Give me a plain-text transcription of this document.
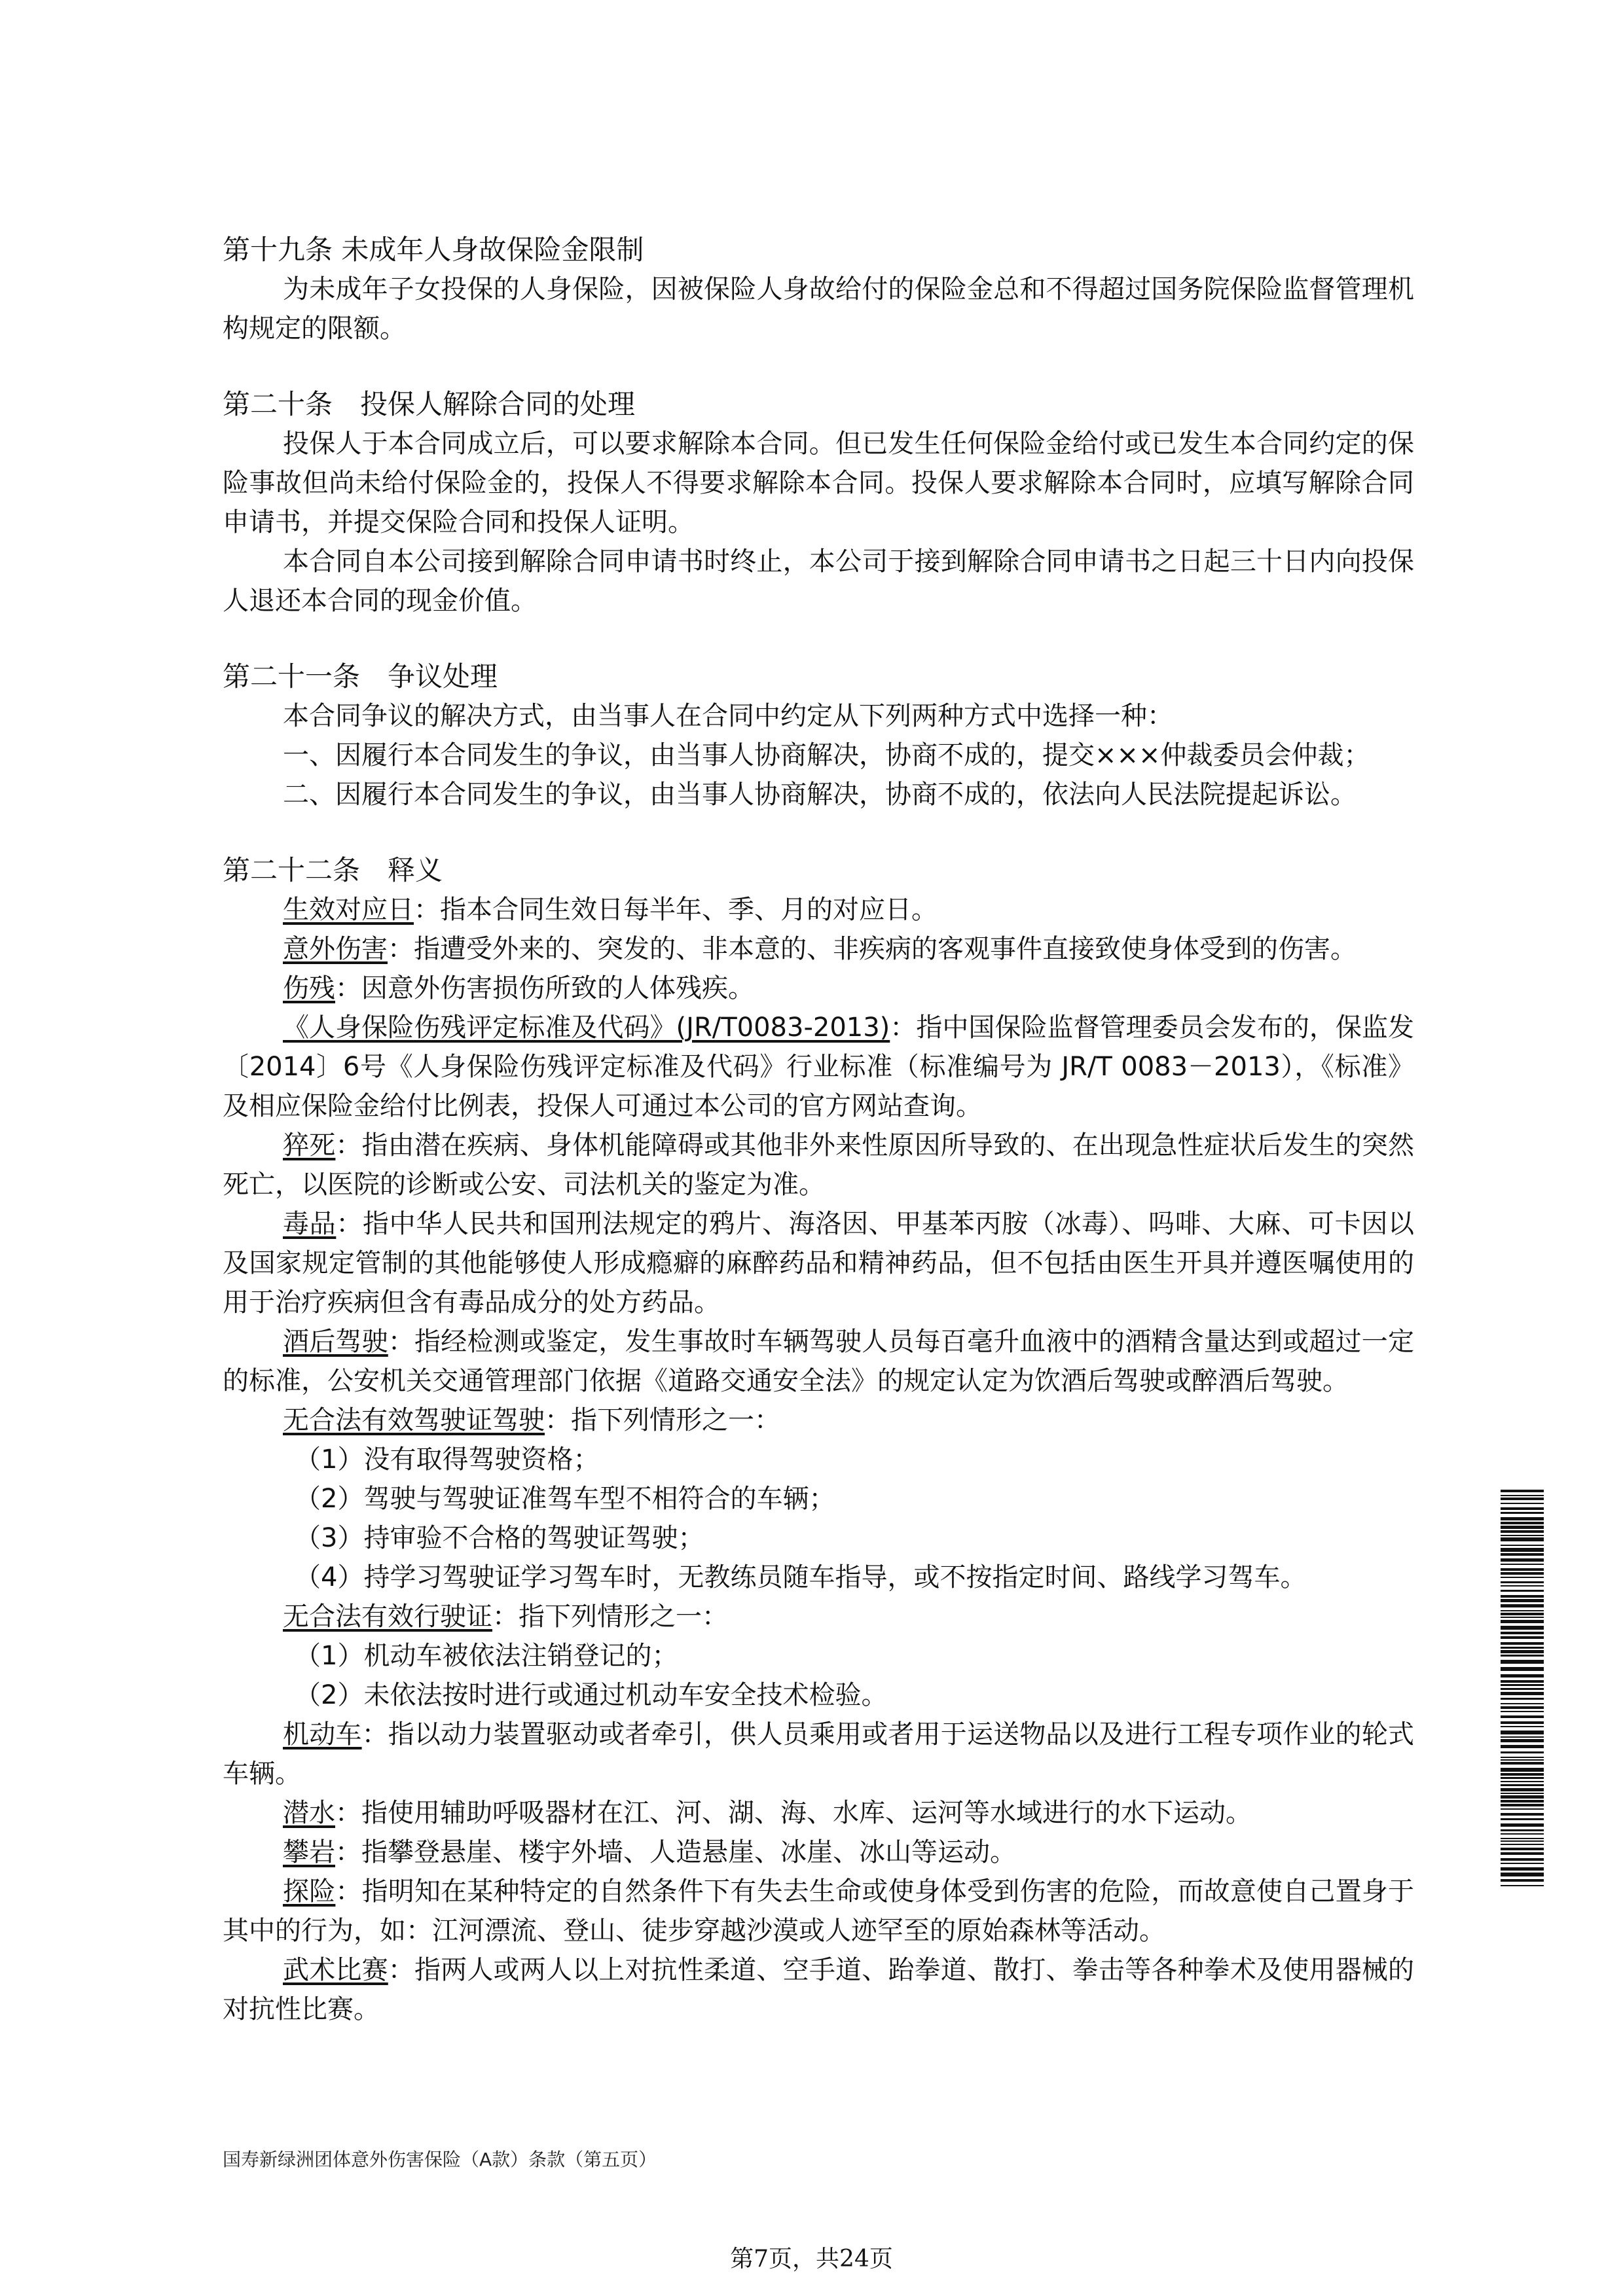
第十九条 未成年人身故保险金限制

为未成年子女投保的人身保险，因被保险人身故给付的保险金总和不得超过国务院保险监督管理机构规定的限额。

第二十条　投保人解除合同的处理

投保人于本合同成立后，可以要求解除本合同。但已发生任何保险金给付或已发生本合同约定的保险事故但尚未给付保险金的，投保人不得要求解除本合同。投保人要求解除本合同时，应填写解除合同申请书，并提交保险合同和投保人证明。

本合同自本公司接到解除合同申请书时终止，本公司于接到解除合同申请书之日起三十日内向投保人退还本合同的现金价值。

第二十一条　争议处理

本合同争议的解决方式，由当事人在合同中约定从下列两种方式中选择一种：

一、因履行本合同发生的争议，由当事人协商解决，协商不成的，提交×××仲裁委员会仲裁；

二、因履行本合同发生的争议，由当事人协商解决，协商不成的，依法向人民法院提起诉讼。

第二十二条　释义

生效对应日：指本合同生效日每半年、季、月的对应日。

意外伤害：指遭受外来的、突发的、非本意的、非疾病的客观事件直接致使身体受到的伤害。

伤残：因意外伤害损伤所致的人体残疾。

《人身保险伤残评定标准及代码》(JR/T0083-2013)：指中国保险监督管理委员会发布的，保监发〔2014〕6号《人身保险伤残评定标准及代码》行业标准（标准编号为 JR/T 0083－2013），《标准》及相应保险金给付比例表，投保人可通过本公司的官方网站查询。

猝死：指由潜在疾病、身体机能障碍或其他非外来性原因所导致的、在出现急性症状后发生的突然死亡，以医院的诊断或公安、司法机关的鉴定为准。

毒品：指中华人民共和国刑法规定的鸦片、海洛因、甲基苯丙胺（冰毒）、吗啡、大麻、可卡因以及国家规定管制的其他能够使人形成瘾癖的麻醉药品和精神药品，但不包括由医生开具并遵医嘱使用的用于治疗疾病但含有毒品成分的处方药品。

酒后驾驶：指经检测或鉴定，发生事故时车辆驾驶人员每百毫升血液中的酒精含量达到或超过一定的标准，公安机关交通管理部门依据《道路交通安全法》的规定认定为饮酒后驾驶或醉酒后驾驶。

无合法有效驾驶证驾驶：指下列情形之一：

（1）没有取得驾驶资格；

（2）驾驶与驾驶证准驾车型不相符合的车辆；

（3）持审验不合格的驾驶证驾驶；

（4）持学习驾驶证学习驾车时，无教练员随车指导，或不按指定时间、路线学习驾车。

无合法有效行驶证：指下列情形之一：

（1）机动车被依法注销登记的；

（2）未依法按时进行或通过机动车安全技术检验。

机动车：指以动力装置驱动或者牵引，供人员乘用或者用于运送物品以及进行工程专项作业的轮式车辆。

潜水：指使用辅助呼吸器材在江、河、湖、海、水库、运河等水域进行的水下运动。

攀岩：指攀登悬崖、楼宇外墙、人造悬崖、冰崖、冰山等运动。

探险：指明知在某种特定的自然条件下有失去生命或使身体受到伤害的危险，而故意使自己置身于其中的行为，如：江河漂流、登山、徒步穿越沙漠或人迹罕至的原始森林等活动。

武术比赛：指两人或两人以上对抗性柔道、空手道、跆拳道、散打、拳击等各种拳术及使用器械的对抗性比赛。

国寿新绿洲团体意外伤害保险（A款）条款（第五页）
第7页，共24页
